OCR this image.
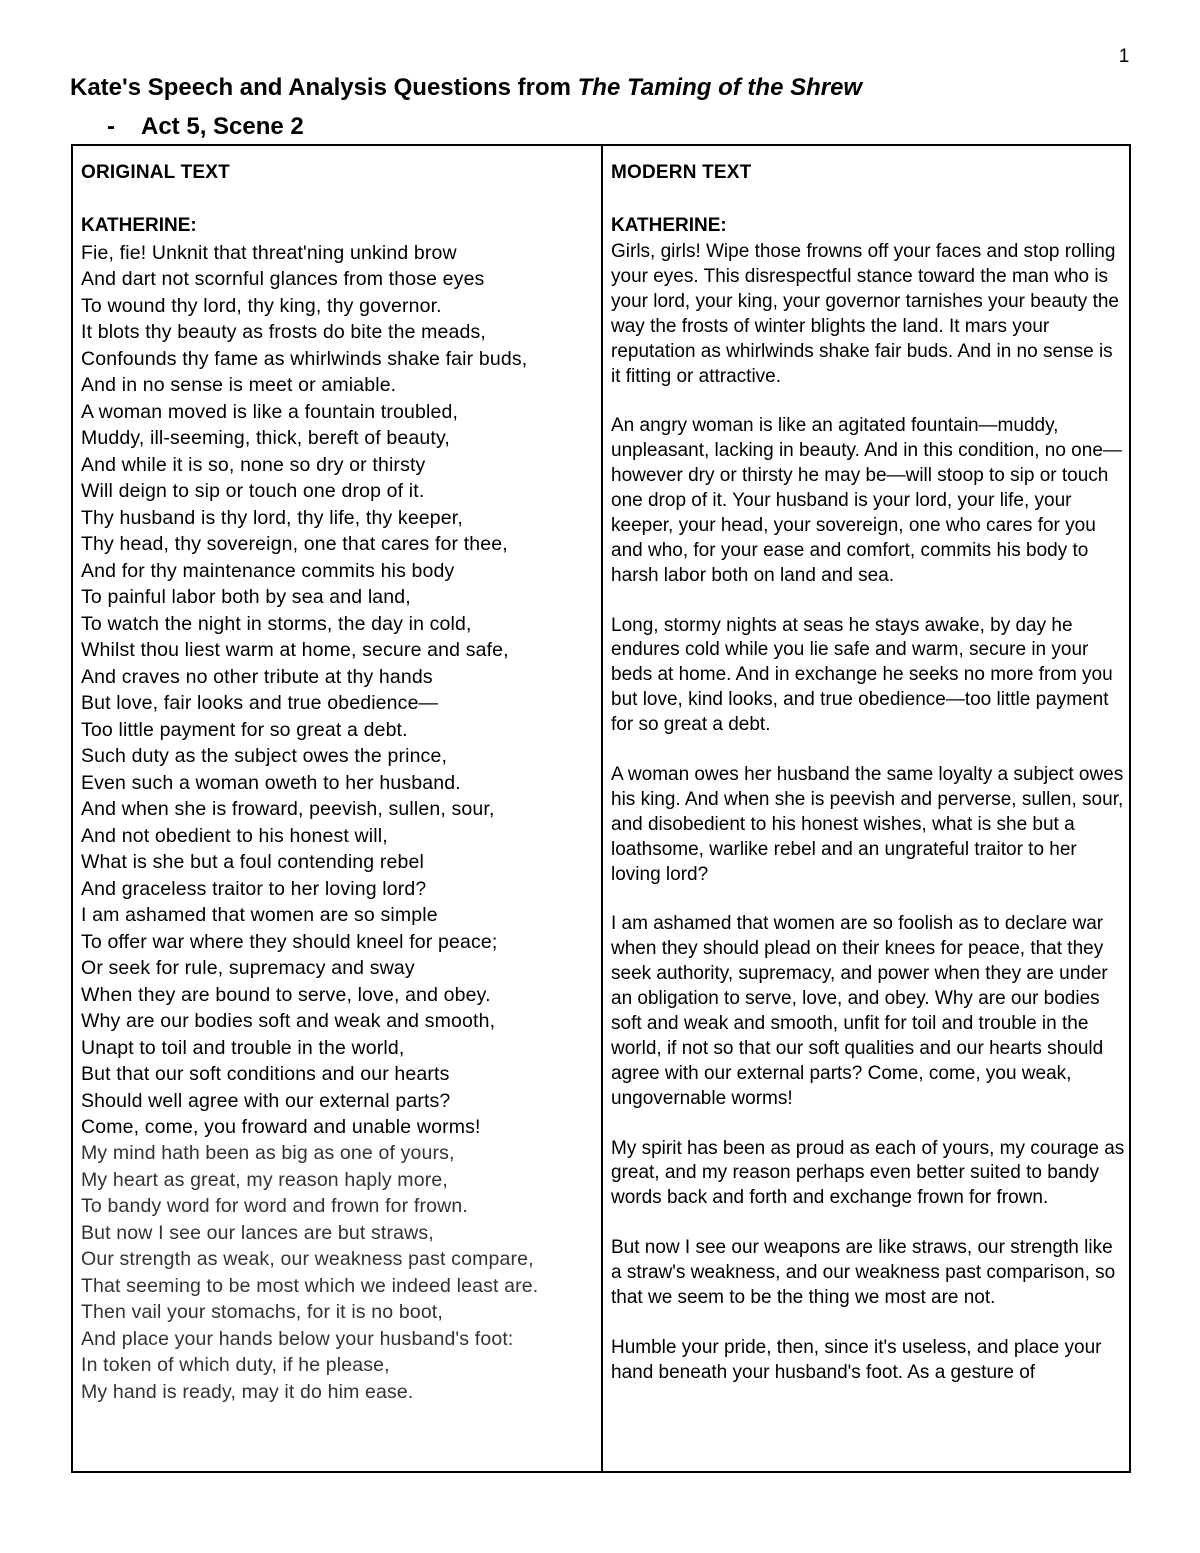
1
Kate's Speech and Analysis Questions from The Taming of the Shrew
- Act 5, Scene 2
ORIGINAL TEXT
KATHERINE:
Fie, fie! Unknit that threat'ning unkind brow
And dart not scornful glances from those eyes
To wound thy lord, thy king, thy governor.
It blots thy beauty as frosts do bite the meads,
Confounds thy fame as whirlwinds shake fair buds,
And in no sense is meet or amiable.
A woman moved is like a fountain troubled,
Muddy, ill-seeming, thick, bereft of beauty,
And while it is so, none so dry or thirsty
Will deign to sip or touch one drop of it.
Thy husband is thy lord, thy life, thy keeper,
Thy head, thy sovereign, one that cares for thee,
And for thy maintenance commits his body
To painful labor both by sea and land,
To watch the night in storms, the day in cold,
Whilst thou liest warm at home, secure and safe,
And craves no other tribute at thy hands
But love, fair looks and true obedience—
Too little payment for so great a debt.
Such duty as the subject owes the prince,
Even such a woman oweth to her husband.
And when she is froward, peevish, sullen, sour,
And not obedient to his honest will,
What is she but a foul contending rebel
And graceless traitor to her loving lord?
I am ashamed that women are so simple
To offer war where they should kneel for peace;
Or seek for rule, supremacy and sway
When they are bound to serve, love, and obey.
Why are our bodies soft and weak and smooth,
Unapt to toil and trouble in the world,
But that our soft conditions and our hearts
Should well agree with our external parts?
Come, come, you froward and unable worms!
My mind hath been as big as one of yours,
My heart as great, my reason haply more,
To bandy word for word and frown for frown.
But now I see our lances are but straws,
Our strength as weak, our weakness past compare,
That seeming to be most which we indeed least are.
Then vail your stomachs, for it is no boot,
And place your hands below your husband's foot:
In token of which duty, if he please,
My hand is ready, may it do him ease.
MODERN TEXT
KATHERINE:

Girls, girls! Wipe those frowns off your faces and stop rolling your eyes. This disrespectful stance toward the man who is your lord, your king, your governor tarnishes your beauty the way the frosts of winter blights the land. It mars your reputation as whirlwinds shake fair buds. And in no sense is it fitting or attractive.

An angry woman is like an agitated fountain—muddy, unpleasant, lacking in beauty. And in this condition, no one—however dry or thirsty he may be—will stoop to sip or touch one drop of it. Your husband is your lord, your life, your keeper, your head, your sovereign, one who cares for you and who, for your ease and comfort, commits his body to harsh labor both on land and sea.

Long, stormy nights at seas he stays awake, by day he endures cold while you lie safe and warm, secure in your beds at home. And in exchange he seeks no more from you but love, kind looks, and true obedience—too little payment for so great a debt.

A woman owes her husband the same loyalty a subject owes his king. And when she is peevish and perverse, sullen, sour, and disobedient to his honest wishes, what is she but a loathsome, warlike rebel and an ungrateful traitor to her loving lord?

I am ashamed that women are so foolish as to declare war when they should plead on their knees for peace, that they seek authority, supremacy, and power when they are under an obligation to serve, love, and obey. Why are our bodies soft and weak and smooth, unfit for toil and trouble in the world, if not so that our soft qualities and our hearts should agree with our external parts? Come, come, you weak, ungovernable worms!

My spirit has been as proud as each of yours, my courage as great, and my reason perhaps even better suited to bandy words back and forth and exchange frown for frown.

But now I see our weapons are like straws, our strength like a straw's weakness, and our weakness past comparison, so that we seem to be the thing we most are not.

Humble your pride, then, since it's useless, and place your hand beneath your husband's foot. As a gesture of
